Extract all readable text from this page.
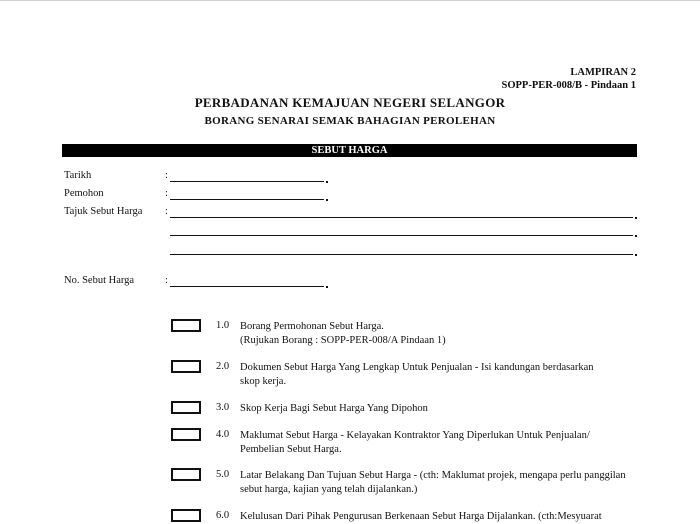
LAMPIRAN 2
SOPP-PER-008/B - Pindaan 1
PERBADANAN KEMAJUAN NEGERI SELANGOR
BORANG SENARAI SEMAK BAHAGIAN PEROLEHAN
SEBUT HARGA
Tarikh	:
Pemohon	:
Tajuk Sebut Harga :
No. Sebut Harga	:
1.0 Borang Permohonan Sebut Harga.
(Rujukan Borang : SOPP-PER-008/A Pindaan 1)
2.0 Dokumen Sebut Harga Yang Lengkap Untuk Penjualan - Isi kandungan berdasarkan
skop kerja.
3.0 Skop Kerja Bagi Sebut Harga Yang Dipohon
4.0 Maklumat Sebut Harga - Kelayakan Kontraktor Yang Diperlukan Untuk Penjualan/
Pembelian Sebut Harga.
5.0 Latar Belakang Dan Tujuan Sebut Harga - (cth: Maklumat projek, mengapa perlu panggilan
sebut harga, kajian yang telah dijalankan.)
6.0 Kelulusan Dari Pihak Pengurusan Berkenaan Sebut Harga Dijalankan. (cth:Mesyuarat
